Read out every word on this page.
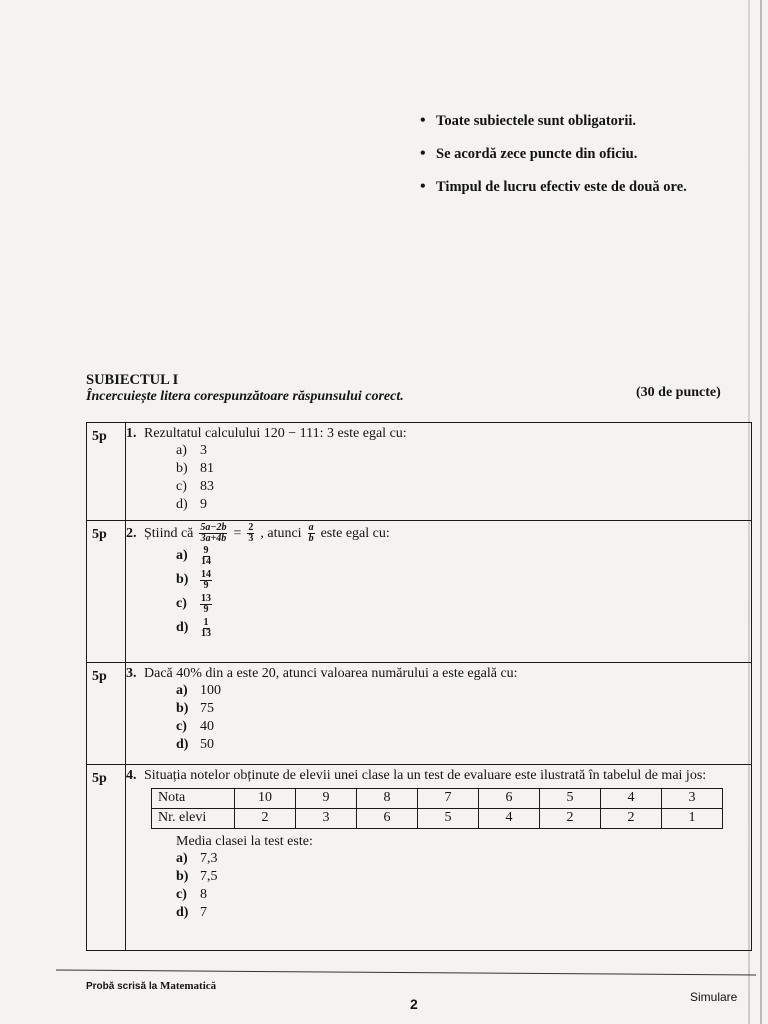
• Toate subiectele sunt obligatorii.
• Se acordă zece puncte din oficiu.
• Timpul de lucru efectiv este de două ore.
SUBIECTUL I
Încercuiește litera corespunzătoare răspunsului corect.	(30 de puncte)
5p	1. Rezultatul calculului 120 − 111: 3 este egal cu:
a) 3
b) 81
c) 83
d) 9

5p	2. Știind că $\frac{5a-2b}{3a+4b} = \frac{2}{3}$ , atunci $\frac{a}{b}$ este egal cu:
a)	$\frac{9}{14}$
b)	$\frac{14}{9}$
c)	$\frac{13}{9}$
d)	$\frac{1}{13}$

5p	3. Dacă 40% din a este 20, atunci valoarea numărului a este egală cu:
a) 100
b) 75
c) 40
d) 50

5p	4. Situația notelor obținute de elevii unei clase la un test de evaluare este ilustrată în tabelul de mai jos:
Nota	10	9	8	7	6	5	4	3
Nr. elevi	2	3	6	5	4	2	2	1
Media clasei la test este:
a) 7,3
b) 7,5
c) 8
d) 7
Probă scrisă la Matematică
2	Simulare
